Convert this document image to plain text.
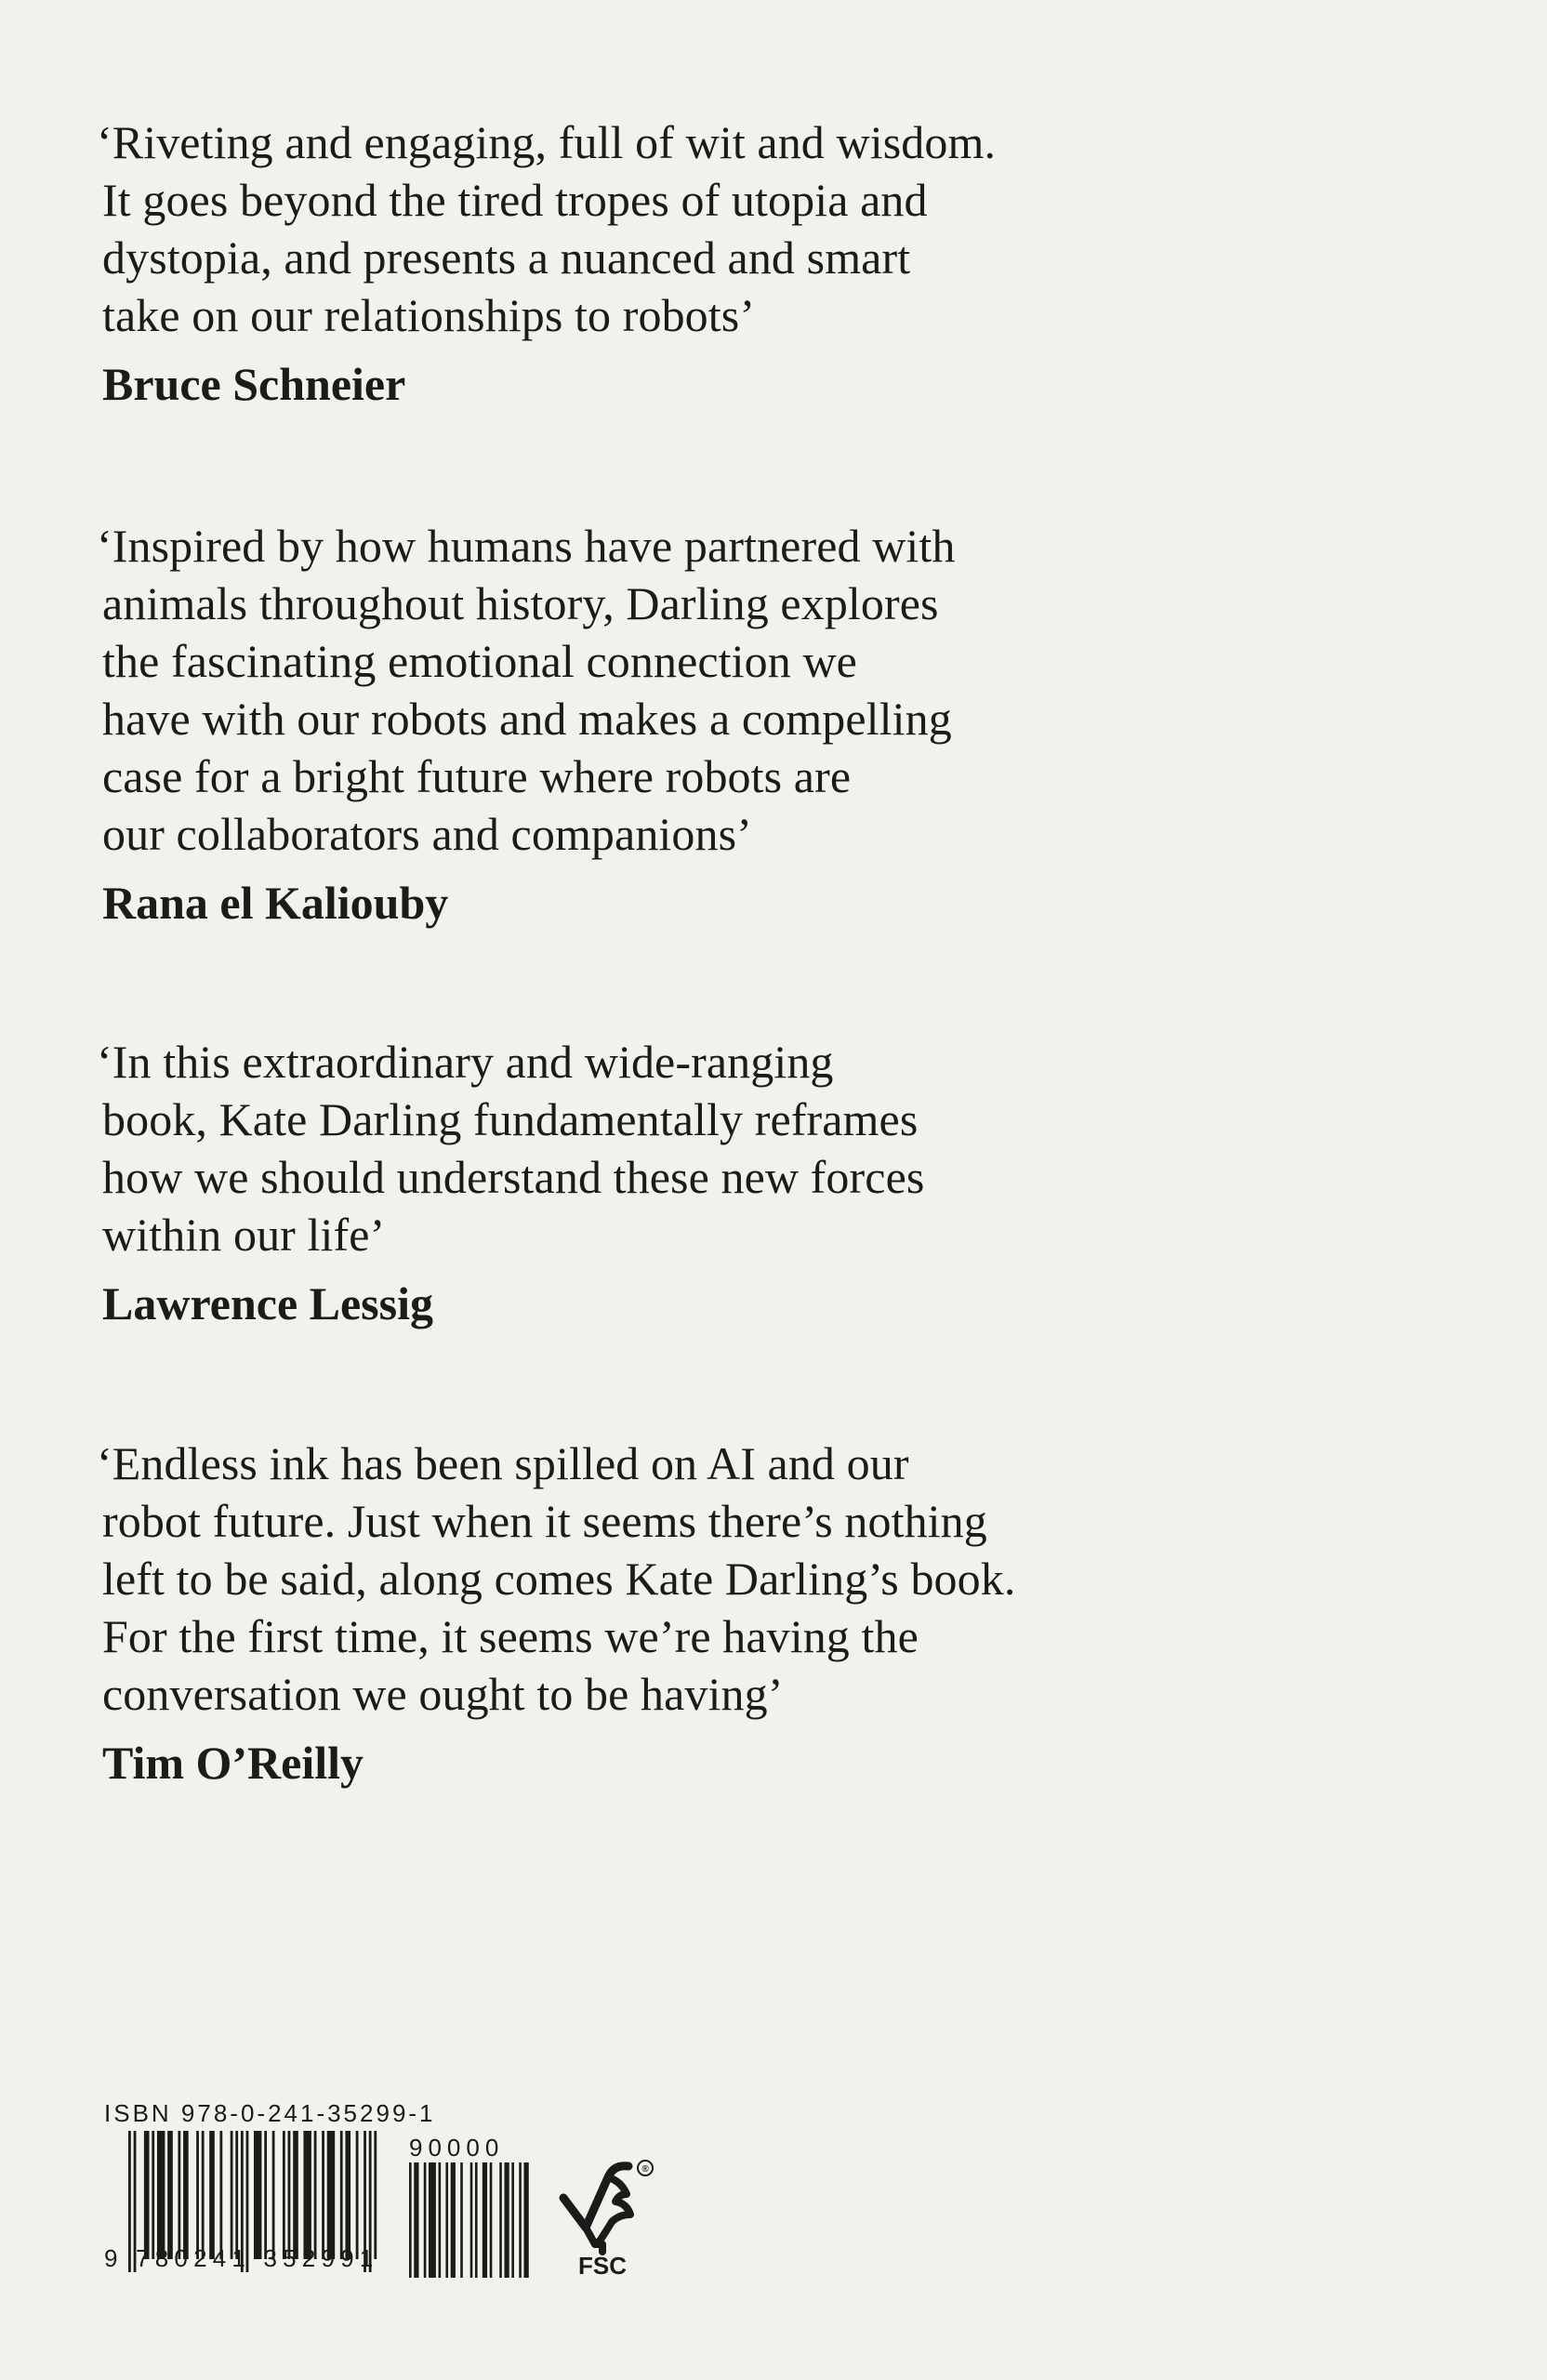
‘Riveting and engaging, full of wit and wisdom.
It goes beyond the tired tropes of utopia and
dystopia, and presents a nuanced and smart
take on our relationships to robots’
Bruce Schneier
‘Inspired by how humans have partnered with
animals throughout history, Darling explores
the fascinating emotional connection we
have with our robots and makes a compelling
case for a bright future where robots are
our collaborators and companions’
Rana el Kaliouby
‘In this extraordinary and wide-ranging
book, Kate Darling fundamentally reframes
how we should understand these new forces
within our life’
Lawrence Lessig
‘Endless ink has been spilled on AI and our
robot future. Just when it seems there’s nothing
left to be said, along comes Kate Darling’s book.
For the first time, it seems we’re having the
conversation we ought to be having’
Tim O’Reilly
ISBN 978-0-241-35299-1
9 780241 352991
90000
®
FSC
